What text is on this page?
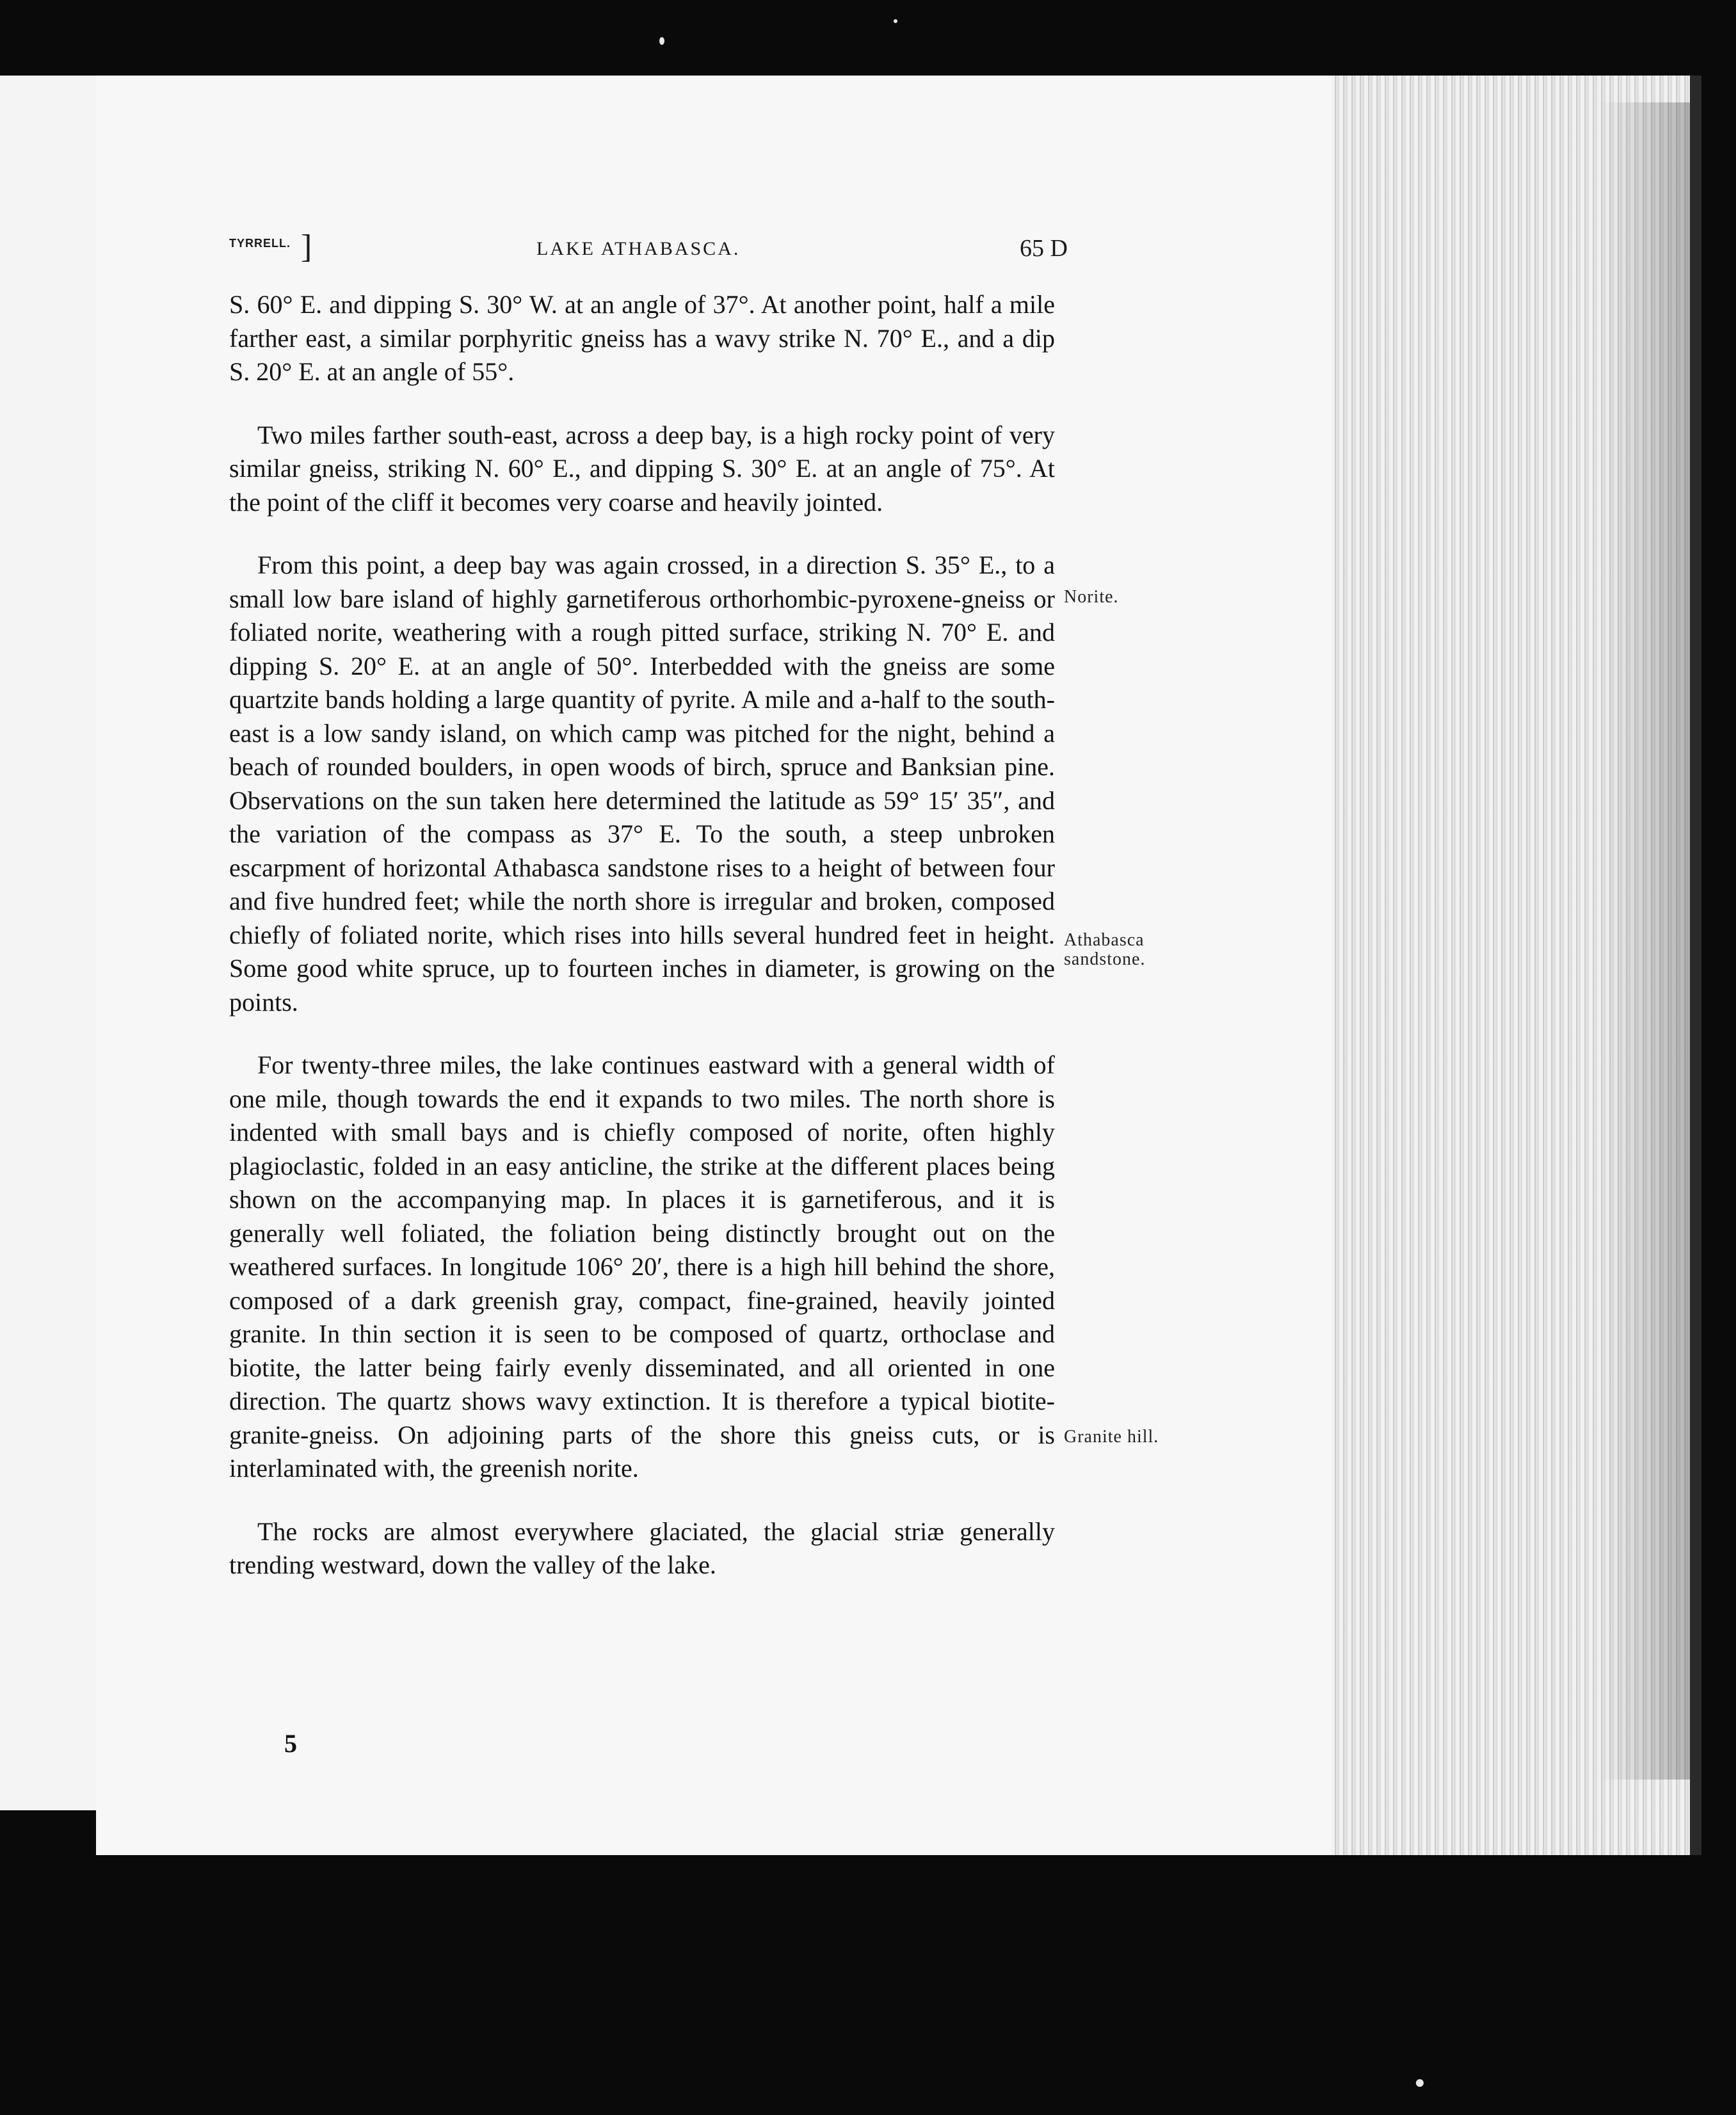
TYRRELL. ]	LAKE ATHABASCA.	65 D

S. 60° E. and dipping S. 30° W. at an angle of 37°. At another point, half a mile farther east, a similar porphyritic gneiss has a wavy strike N. 70° E., and a dip S. 20° E. at an angle of 55°.

Two miles farther south-east, across a deep bay, is a high rocky point of very similar gneiss, striking N. 60° E., and dipping S. 30° E. at an angle of 75°. At the point of the cliff it becomes very coarse and heavily jointed.

From this point, a deep bay was again crossed, in a direction S. 35° E., to a small low bare island of highly garnetiferous orthorhombic-pyroxene-gneiss or foliated norite, weathering with a rough pitted surface, striking N. 70° E. and dipping S. 20° E. at an angle of 50°. Interbedded with the gneiss are some quartzite bands holding a large quantity of pyrite. A mile and a-half to the south-east is a low sandy island, on which camp was pitched for the night, behind a beach of rounded boulders, in open woods of birch, spruce and Banksian pine. Observations on the sun taken here determined the latitude as 59° 15′ 35″, and the variation of the compass as 37° E. To the south, a steep unbroken escarpment of horizontal Athabasca sandstone rises to a height of between four and five hundred feet; while the north shore is irregular and broken, composed chiefly of foliated norite, which rises into hills several hundred feet in height. Some good white spruce, up to fourteen inches in diameter, is growing on the points.

For twenty-three miles, the lake continues eastward with a general width of one mile, though towards the end it expands to two miles. The north shore is indented with small bays and is chiefly composed of norite, often highly plagioclastic, folded in an easy anticline, the strike at the different places being shown on the accompanying map. In places it is garnetiferous, and it is generally well foliated, the foliation being distinctly brought out on the weathered surfaces. In longitude 106° 20′, there is a high hill behind the shore, composed of a dark greenish gray, compact, fine-grained, heavily jointed granite. In thin section it is seen to be composed of quartz, orthoclase and biotite, the latter being fairly evenly disseminated, and all oriented in one direction. The quartz shows wavy extinction. It is therefore a typical biotite-granite-gneiss. On adjoining parts of the shore this gneiss cuts, or is interlaminated with, the greenish norite.

The rocks are almost everywhere glaciated, the glacial striæ generally trending westward, down the valley of the lake.

Norite.
Athabasca
sandstone.
Granite hill.
5
